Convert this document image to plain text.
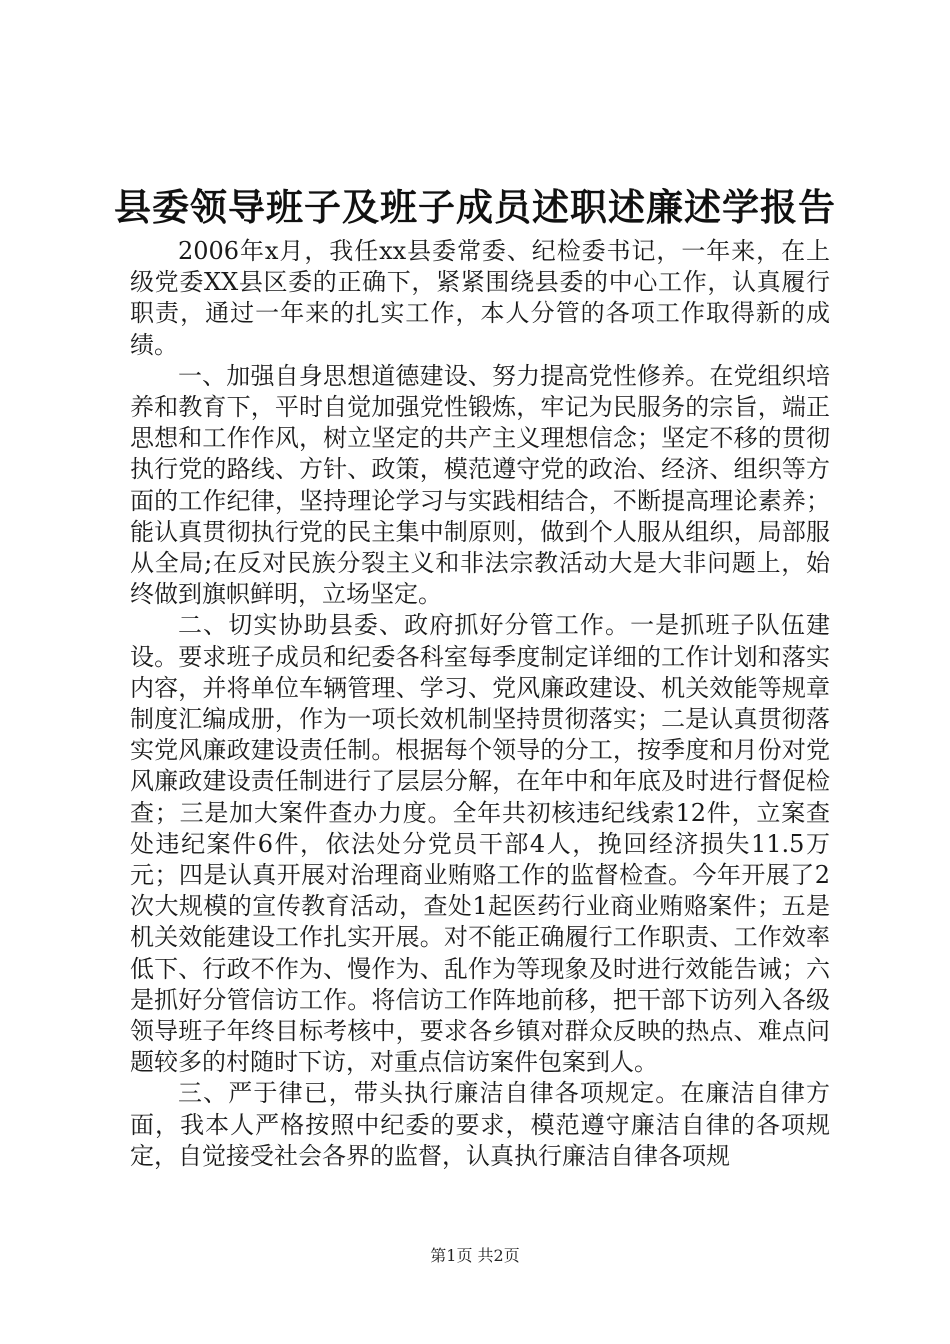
县委领导班子及班子成员述职述廉述学报告

2006年x月，我任xx县委常委、纪检委书记，一年来，在上级党委XX县区委的正确下，紧紧围绕县委的中心工作，认真履行职责，通过一年来的扎实工作，本人分管的各项工作取得新的成绩。

一、加强自身思想道德建设、努力提高党性修养。在党组织培养和教育下，平时自觉加强党性锻炼，牢记为民服务的宗旨，端正思想和工作作风，树立坚定的共产主义理想信念；坚定不移的贯彻执行党的路线、方针、政策，模范遵守党的政治、经济、组织等方面的工作纪律，坚持理论学习与实践相结合，不断提高理论素养；能认真贯彻执行党的民主集中制原则，做到个人服从组织，局部服从全局;在反对民族分裂主义和非法宗教活动大是大非问题上，始终做到旗帜鲜明，立场坚定。

二、切实协助县委、政府抓好分管工作。一是抓班子队伍建设。要求班子成员和纪委各科室每季度制定详细的工作计划和落实内容，并将单位车辆管理、学习、党风廉政建设、机关效能等规章制度汇编成册，作为一项长效机制坚持贯彻落实；二是认真贯彻落实党风廉政建设责任制。根据每个领导的分工，按季度和月份对党风廉政建设责任制进行了层层分解，在年中和年底及时进行督促检查；三是加大案件查办力度。全年共初核违纪线索12件，立案查处违纪案件6件，依法处分党员干部4人，挽回经济损失11.5万元；四是认真开展对治理商业贿赂工作的监督检查。今年开展了2次大规模的宣传教育活动，查处1起医药行业商业贿赂案件；五是机关效能建设工作扎实开展。对不能正确履行工作职责、工作效率低下、行政不作为、慢作为、乱作为等现象及时进行效能告诫；六是抓好分管信访工作。将信访工作阵地前移，把干部下访列入各级领导班子年终目标考核中，要求各乡镇对群众反映的热点、难点问题较多的村随时下访，对重点信访案件包案到人。

三、严于律已，带头执行廉洁自律各项规定。在廉洁自律方面，我本人严格按照中纪委的要求，模范遵守廉洁自律的各项规定，自觉接受社会各界的监督，认真执行廉洁自律各项规

第1页 共2页
